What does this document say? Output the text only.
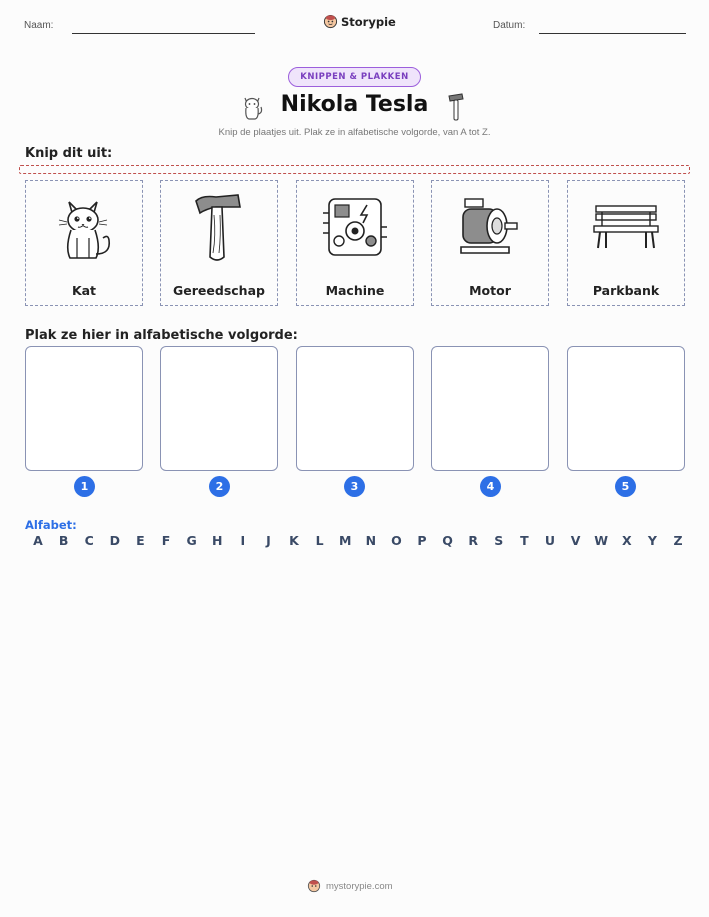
Naam:	Storypie	Datum:
KNIPPEN & PLAKKEN
Nikola Tesla
Knip de plaatjes uit. Plak ze in alfabetische volgorde, van A tot Z.
Knip dit uit:
Kat	Gereedschap	Machine	Motor	Parkbank
Plak ze hier in alfabetische volgorde:
1	2	3	4	5
Alfabet:
A	B	C	D	E	F	G	H	I	J	K	L	M	N	O	P	Q	R	S	T	U	V	W	X	Y	Z
mystorypie.com
